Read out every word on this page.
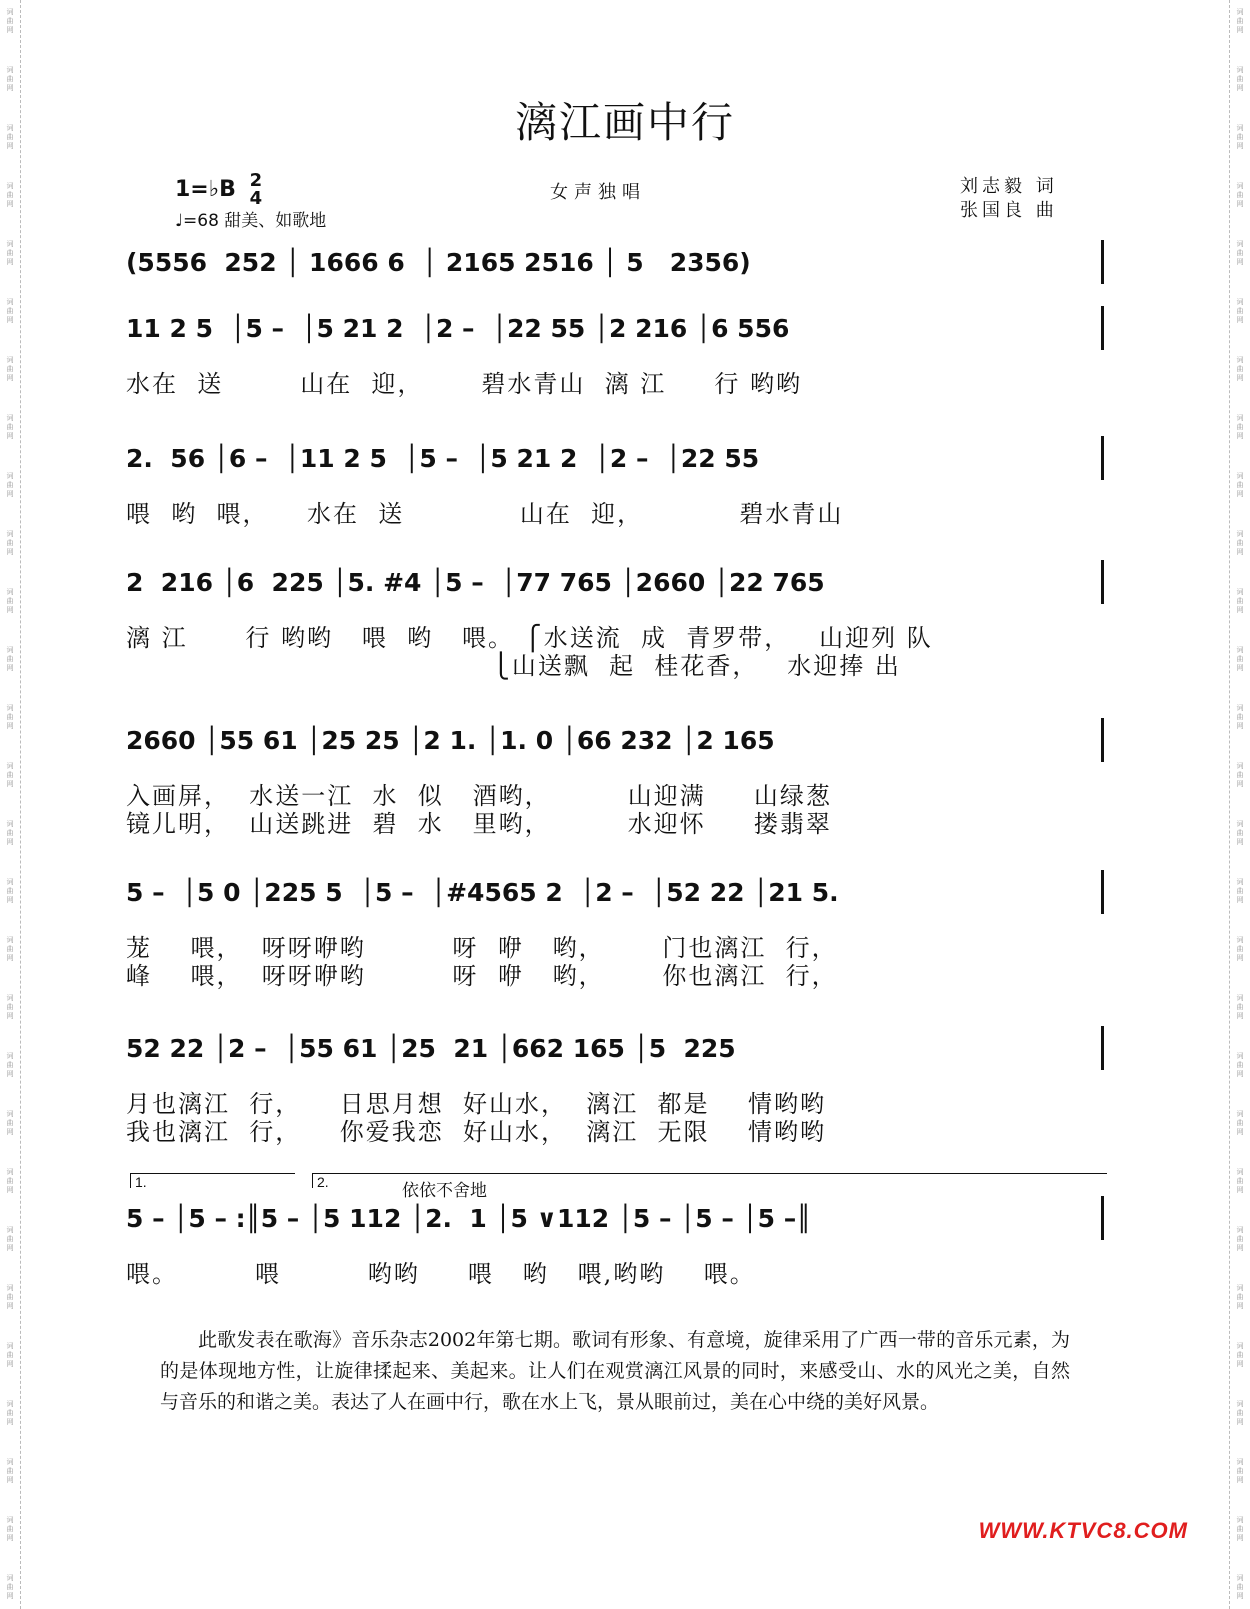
词曲网
词曲网
词曲网
词曲网
词曲网
词曲网
词曲网
词曲网
词曲网
词曲网
词曲网
词曲网
词曲网
词曲网
词曲网
词曲网
词曲网
词曲网
词曲网
词曲网
词曲网
词曲网
词曲网
词曲网
词曲网
词曲网
词曲网
词曲网
词曲网
词曲网
词曲网
词曲网
词曲网
词曲网
词曲网
词曲网
词曲网
词曲网
词曲网
词曲网
词曲网
词曲网
词曲网
词曲网
词曲网
词曲网
词曲网
词曲网
词曲网
词曲网
词曲网
词曲网
词曲网
词曲网
词曲网
词曲网
漓江画中行
1=♭B 2
4
♩=68 甜美、如歌地
女声独唱	刘志毅 词
张国良 曲
(5556  252 │ 1666 6  │ 2165 2516 │ 5   2356)
11 2 5  │5 –  │5 21 2  │2 –  │22 55 │2 216 │6 556
水在  送        山在  迎，      碧水青山  漓 江     行 哟哟
2.  56 │6 –  │11 2 5  │5 –  │5 21 2  │2 –  │22 55
喂  哟  喂，    水在  送            山在  迎，          碧水青山
2  216 │6  225 │5. #4 │5 –  │77 765 │2660 │22 765
漓 江      行 哟哟   喂  哟   喂。 ⎧水送流  成  青罗带，   山迎列 队
⎩山送飘  起  桂花香，   水迎捧 出
2660 │55 61 │25 25 │2 1. │1. 0 │66 232 │2 165
入画屏，  水送一江  水  似   酒哟，        山迎满     山绿葱
镜儿明，  山送跳进  碧  水   里哟，        水迎怀     搂翡翠
5 –  │5 0 │225 5  │5 –  │#4565 2  │2 –  │52 22 │21 5.
茏    喂，  呀呀咿哟         呀  咿   哟，      门也漓江  行，
峰    喂，  呀呀咿哟         呀  咿   哟，      你也漓江  行，
52 22 │2 –  │55 61 │25  21 │662 165 │5  225
月也漓江  行，    日思月想  好山水，  漓江  都是    情哟哟
我也漓江  行，    你爱我恋  好山水，  漓江  无限    情哟哟
5 – │5 – :║5 – │5 112 │2.  1 │5 ∨112 │5 – │5 – │5 –║
喂。        喂         哟哟     喂   哟   喂,哟哟    喂。
1.	2.	依依不舍地
此歌发表在歌海》音乐杂志2002年第七期。歌词有形象、有意境，旋律采用了广西一带的音乐元素，为的是体现地方性，让旋律揉起来、美起来。让人们在观赏漓江风景的同时，来感受山、水的风光之美，自然与音乐的和谐之美。表达了人在画中行，歌在水上飞，景从眼前过，美在心中绕的美好风景。
WWW.KTVC8.COM
